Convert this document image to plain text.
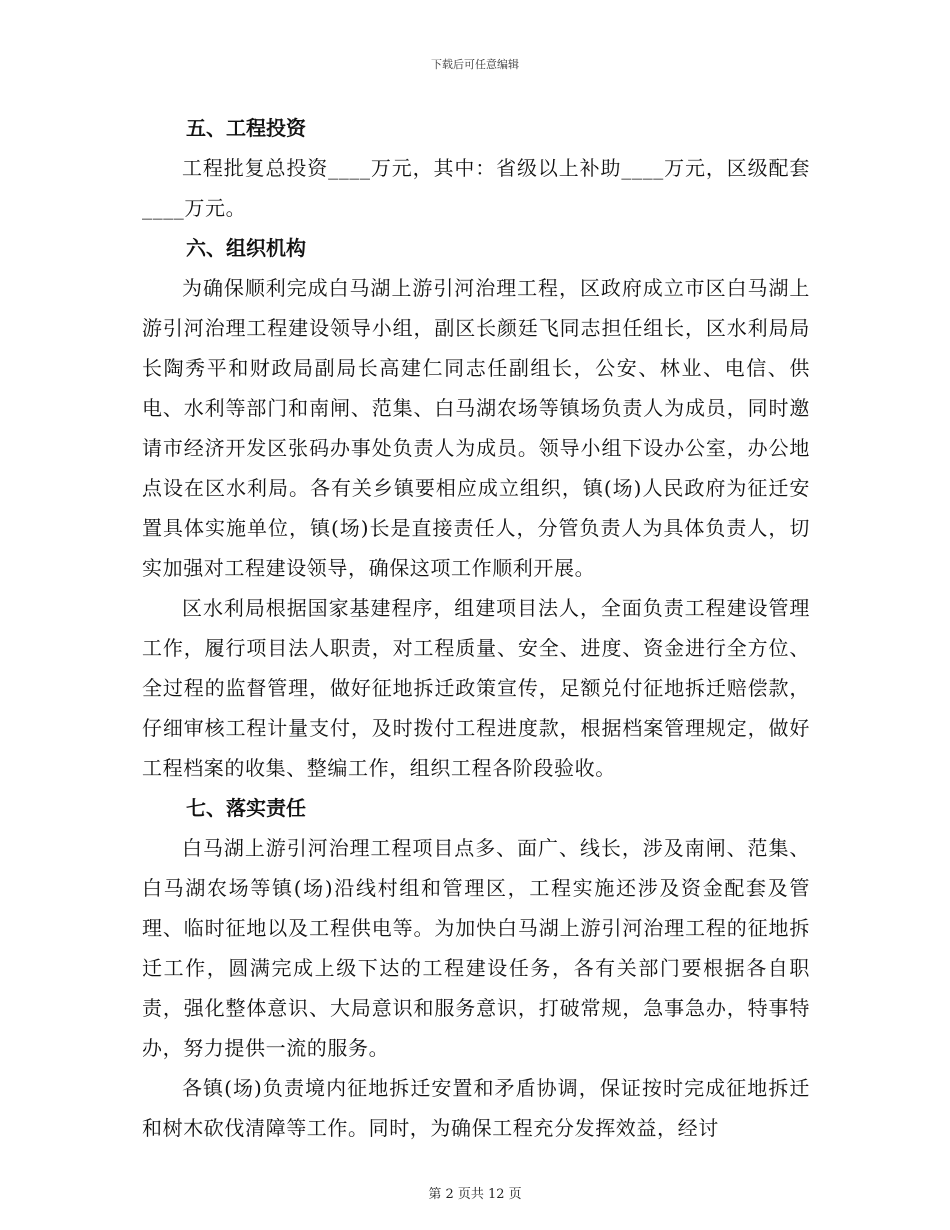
下载后可任意编辑
五、工程投资

工程批复总投资____万元，其中：省级以上补助____万元，区级配套____万元。

六、组织机构

为确保顺利完成白马湖上游引河治理工程，区政府成立市区白马湖上游引河治理工程建设领导小组，副区长颜廷飞同志担任组长，区水利局局长陶秀平和财政局副局长高建仁同志任副组长，公安、林业、电信、供电、水利等部门和南闸、范集、白马湖农场等镇场负责人为成员，同时邀请市经济开发区张码办事处负责人为成员。领导小组下设办公室，办公地点设在区水利局。各有关乡镇要相应成立组织，镇(场)人民政府为征迁安置具体实施单位，镇(场)长是直接责任人，分管负责人为具体负责人，切实加强对工程建设领导，确保这项工作顺利开展。

区水利局根据国家基建程序，组建项目法人，全面负责工程建设管理工作，履行项目法人职责，对工程质量、安全、进度、资金进行全方位、全过程的监督管理，做好征地拆迁政策宣传，足额兑付征地拆迁赔偿款，仔细审核工程计量支付，及时拨付工程进度款，根据档案管理规定，做好工程档案的收集、整编工作，组织工程各阶段验收。

七、落实责任

白马湖上游引河治理工程项目点多、面广、线长，涉及南闸、范集、白马湖农场等镇(场)沿线村组和管理区，工程实施还涉及资金配套及管理、临时征地以及工程供电等。为加快白马湖上游引河治理工程的征地拆迁工作，圆满完成上级下达的工程建设任务，各有关部门要根据各自职责，强化整体意识、大局意识和服务意识，打破常规，急事急办，特事特办，努力提供一流的服务。

各镇(场)负责境内征地拆迁安置和矛盾协调，保证按时完成征地拆迁和树木砍伐清障等工作。同时，为确保工程充分发挥效益，经讨

第 2 页共 12 页
